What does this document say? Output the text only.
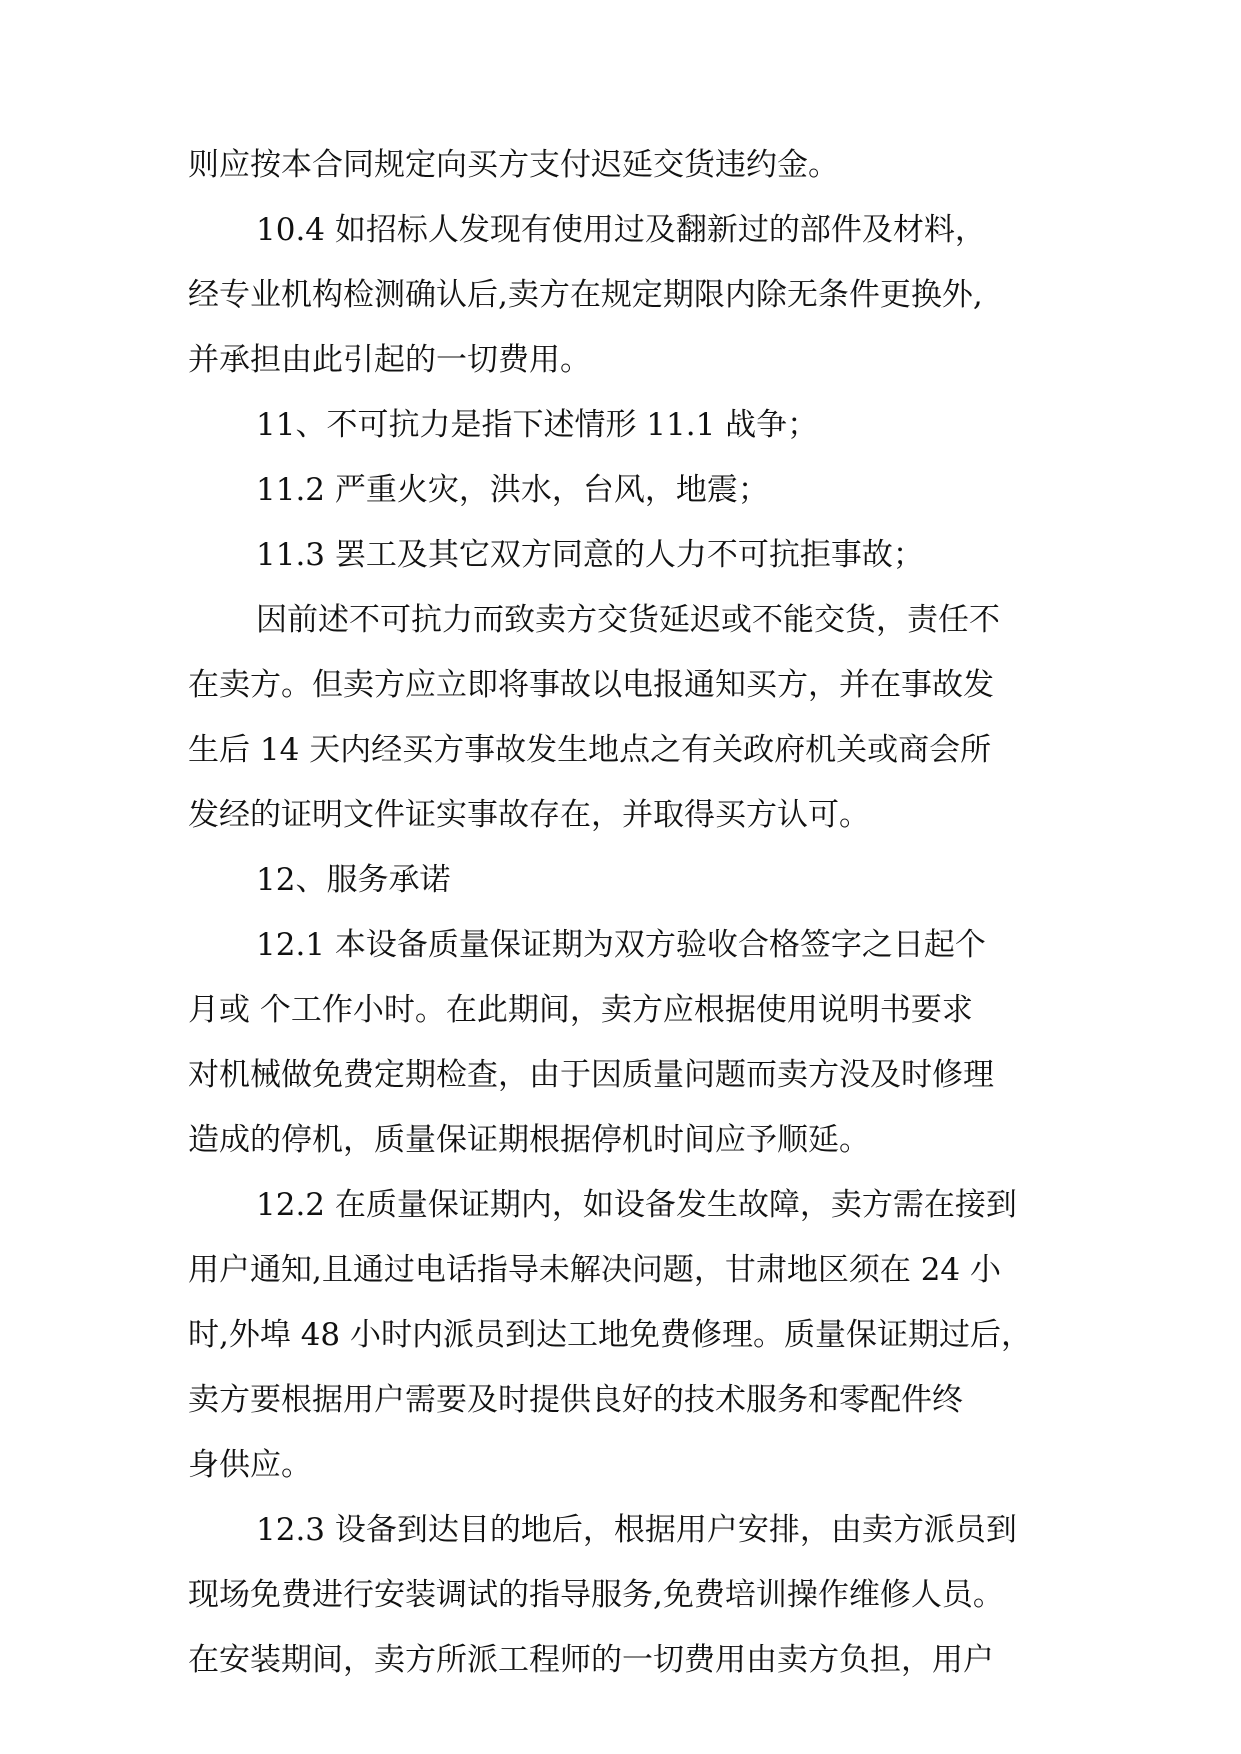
则应按本合同规定向买方支付迟延交货违约金。
10.4 如招标人发现有使用过及翻新过的部件及材料，
经专业机构检测确认后,卖方在规定期限内除无条件更换外,
并承担由此引起的一切费用。
11、不可抗力是指下述情形 11.1 战争；
11.2 严重火灾，洪水，台风，地震；
11.3 罢工及其它双方同意的人力不可抗拒事故；
因前述不可抗力而致卖方交货延迟或不能交货，责任不
在卖方。但卖方应立即将事故以电报通知买方，并在事故发
生后 14 天内经买方事故发生地点之有关政府机关或商会所
发经的证明文件证实事故存在，并取得买方认可。
12、服务承诺
12.1 本设备质量保证期为双方验收合格签字之日起个
月或 个工作小时。在此期间，卖方应根据使用说明书要求
对机械做免费定期检查，由于因质量问题而卖方没及时修理
造成的停机，质量保证期根据停机时间应予顺延。
12.2 在质量保证期内，如设备发生故障，卖方需在接到
用户通知,且通过电话指导未解决问题，甘肃地区须在 24 小
时,外埠 48 小时内派员到达工地免费修理。质量保证期过后，
卖方要根据用户需要及时提供良好的技术服务和零配件终
身供应。
12.3 设备到达目的地后，根据用户安排，由卖方派员到
现场免费进行安装调试的指导服务,免费培训操作维修人员。
在安装期间，卖方所派工程师的一切费用由卖方负担，用户
